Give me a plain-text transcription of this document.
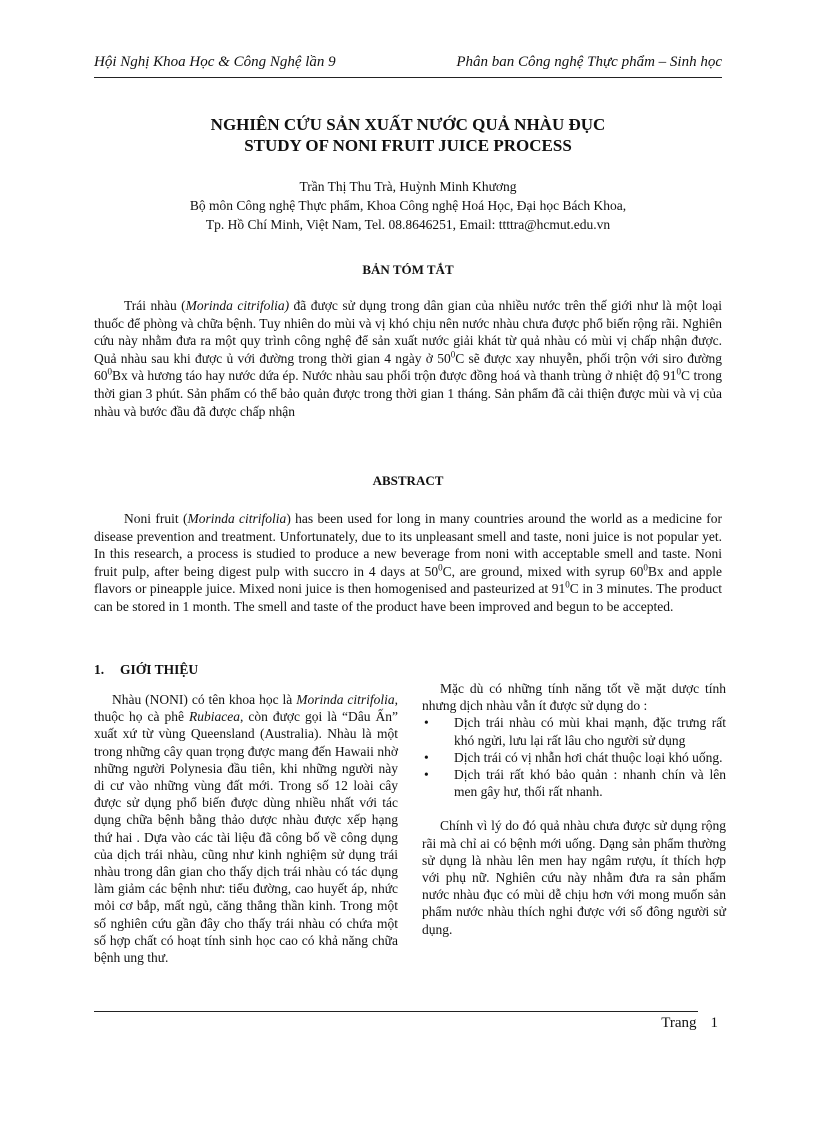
Hội Nghị Khoa Học & Công Nghệ lần 9	Phân ban Công nghệ Thực phẩm – Sinh học
NGHIÊN CỨU SẢN XUẤT NƯỚC QUẢ NHÀU ĐỤC
STUDY OF NONI FRUIT JUICE PROCESS
Trần Thị Thu Trà, Huỳnh Minh Khương
Bộ môn Công nghệ Thực phẩm, Khoa Công nghệ Hoá Học, Đại học Bách Khoa,
Tp. Hồ Chí Minh, Việt Nam, Tel. 08.8646251, Email: ttttra@hcmut.edu.vn
BẢN TÓM TẮT

Trái nhàu (Morinda citrifolia) đã được sử dụng trong dân gian của nhiều nước trên thế giới như là một loại thuốc để phòng và chữa bệnh. Tuy nhiên do mùi và vị khó chịu nên nước nhàu chưa được phổ biến rộng rãi. Nghiên cứu này nhằm đưa ra một quy trình công nghệ để sản xuất nước giải khát từ quả nhàu có mùi vị chấp nhận được. Quả nhàu sau khi được ủ với đường trong thời gian 4 ngày ở $50^0C$ sẽ được xay nhuyễn, phối trộn với siro đường $60^0Bx$ và hương táo hay nước dứa ép. Nước nhàu sau phối trộn được đồng hoá và thanh trùng ở nhiệt độ $91^0C$ trong thời gian 3 phút. Sản phẩm có thể bảo quản được trong thời gian 1 tháng. Sản phẩm đã cải thiện được mùi và vị của nhàu và bước đầu đã được chấp nhận

ABSTRACT

Noni fruit (Morinda citrifolia) has been used for long in many countries around the world as a medicine for disease prevention and treatment. Unfortunately, due to its unpleasant smell and taste, noni juice is not popular yet. In this research, a process is studied to produce a new beverage from noni with acceptable smell and taste. Noni fruit pulp, after being digest pulp with succro in 4 days at $50^0C$, are ground, mixed with syrup $60^0Bx$ and apple flavors or pineapple juice. Mixed noni juice is then homogenised and pasteurized at $91^0C$ in 3 minutes. The product can be stored in 1 month. The smell and taste of the product have been improved and begun to be accepted.

1. GIỚI THIỆU

Nhàu (NONI) có tên khoa học là Morinda citrifolia, thuộc họ cà phê Rubiacea, còn được gọi là “Dâu Ấn” xuất xứ từ vùng Queensland (Australia). Nhàu là một trong những cây quan trọng được mang đến Hawaii nhờ những người Polynesia đầu tiên, khi những người này di cư vào những vùng đất mới. Trong số 12 loài cây được sử dụng phổ biến được dùng nhiều nhất với tác dụng chữa bệnh bằng thảo dược nhàu được xếp hạng thứ hai . Dựa vào các tài liệu đã công bố về công dụng của dịch trái nhàu, cũng như kinh nghiệm sử dụng trái nhàu trong dân gian cho thấy dịch trái nhàu có tác dụng làm giảm các bệnh như: tiểu đường, cao huyết áp, nhức mỏi cơ bắp, mất ngủ, căng thẳng thần kinh. Trong một số nghiên cứu gần đây cho thấy trái nhàu có chứa một số hợp chất có hoạt tính sinh học cao có khả năng chữa bệnh ung thư.

Mặc dù có những tính năng tốt về mặt dược tính nhưng dịch nhàu vẫn ít được sử dụng do :

• Dịch trái nhàu có mùi khai mạnh, đặc trưng rất khó ngửi, lưu lại rất lâu cho người sử dụng
• Dịch trái có vị nhẫn hơi chát thuộc loại khó uống.
• Dịch trái rất khó bảo quản : nhanh chín và lên men gây hư, thối rất nhanh.

Chính vì lý do đó quả nhàu chưa được sử dụng rộng rãi mà chỉ ai có bệnh mới uống. Dạng sản phẩm thường sử dụng là nhàu lên men hay ngâm rượu, ít thích hợp với phụ nữ. Nghiên cứu này nhằm đưa ra sản phẩm nước nhàu đục có mùi dễ chịu hơn với mong muốn sản phẩm nước nhàu thích nghi được với số đông người sử dụng.

Trang 1
